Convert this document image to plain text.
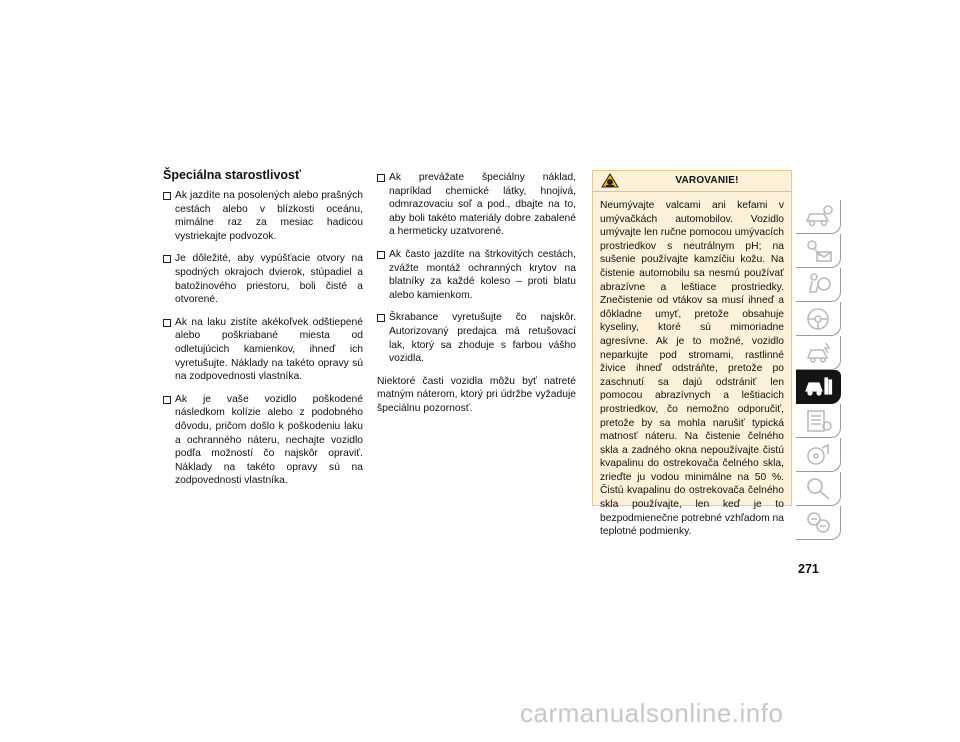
Špeciálna starostlivosť

Ak jazdíte na posolených alebo prašných cestách alebo v blízkosti oceánu, mimálne raz za mesiac hadicou vystriekajte podvozok.

Je dôležité, aby vypúšťacie otvory na spodných okrajoch dvierok, stúpadiel a batožinového priestoru, boli čisté a otvorené.

Ak na laku zistíte akékoľvek odštiepené alebo poškriabané miesta od odletujúcich kamienkov, ihneď ich vyretušujte. Náklady na takéto opravy sú na zodpovednosti vlastníka.

Ak je vaše vozidlo poškodené následkom kolízie alebo z podobného dôvodu, pričom došlo k poškodeniu laku a ochranného náteru, nechajte vozidlo podľa možností čo najskôr opraviť. Náklady na takéto opravy sú na zodpovednosti vlastníka.

Ak prevážate špeciálny náklad, napríklad chemické látky, hnojivá, odmrazovaciu soľ a pod., dbajte na to, aby boli takéto materiály dobre zabalené a hermeticky uzatvorené.

Ak často jazdíte na štrkovitých cestách, zvážte montáž ochranných krytov na blatníky za každé koleso – proti blatu alebo kamienkom.

Škrabance vyretušujte čo najskôr. Autorizovaný predajca má retušovací lak, ktorý sa zhoduje s farbou vášho vozidla.

Niektoré časti vozidla môžu byť natreté matným náterom, ktorý pri údržbe vyžaduje špeciálnu pozornosť.

VAROVANIE!
Neumývajte valcami ani kefami v umývačkách automobilov. Vozidlo umývajte len ručne pomocou umývacích prostriedkov s neutrálnym pH; na sušenie používajte kamzíčiu kožu. Na čistenie automobilu sa nesmú používať abrazívne a leštiace prostriedky. Znečistenie od vtákov sa musí ihneď a dôkladne umyť, pretože obsahuje kyseliny, ktoré sú mimoriadne agresívne. Ak je to možné, vozidlo neparkujte pod stromami, rastlinné živice ihneď odstráňte, pretože po zaschnutí sa dajú odstrániť len pomocou abrazívnych a leštiacich prostriedkov, čo nemožno odporučiť, pretože by sa mohla narušiť typická matnosť náteru. Na čistenie čelného skla a zadného okna nepoužívajte čistú kvapalinu do ostrekovača čelného skla, zrieďte ju vodou minimálne na 50 %. Čistú kvapalinu do ostrekovača čelného skla používajte, len keď je to bezpodmienečne potrebné vzhľadom na teplotné podmienky.
271
carmanualsonline.info
